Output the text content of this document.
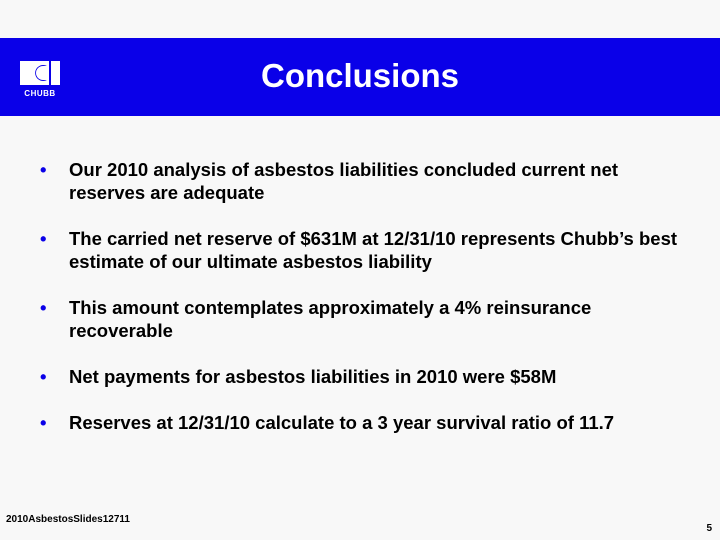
CHUBB	Conclusions
• Our 2010 analysis of asbestos liabilities concluded current net reserves are adequate
• The carried net reserve of $631M at 12/31/10 represents Chubb’s best estimate of our ultimate asbestos liability
• This amount contemplates approximately a 4% reinsurance recoverable
• Net payments for asbestos liabilities in 2010 were $58M
• Reserves at 12/31/10 calculate to a 3 year survival ratio of 11.7
2010AsbestosSlides12711
5
